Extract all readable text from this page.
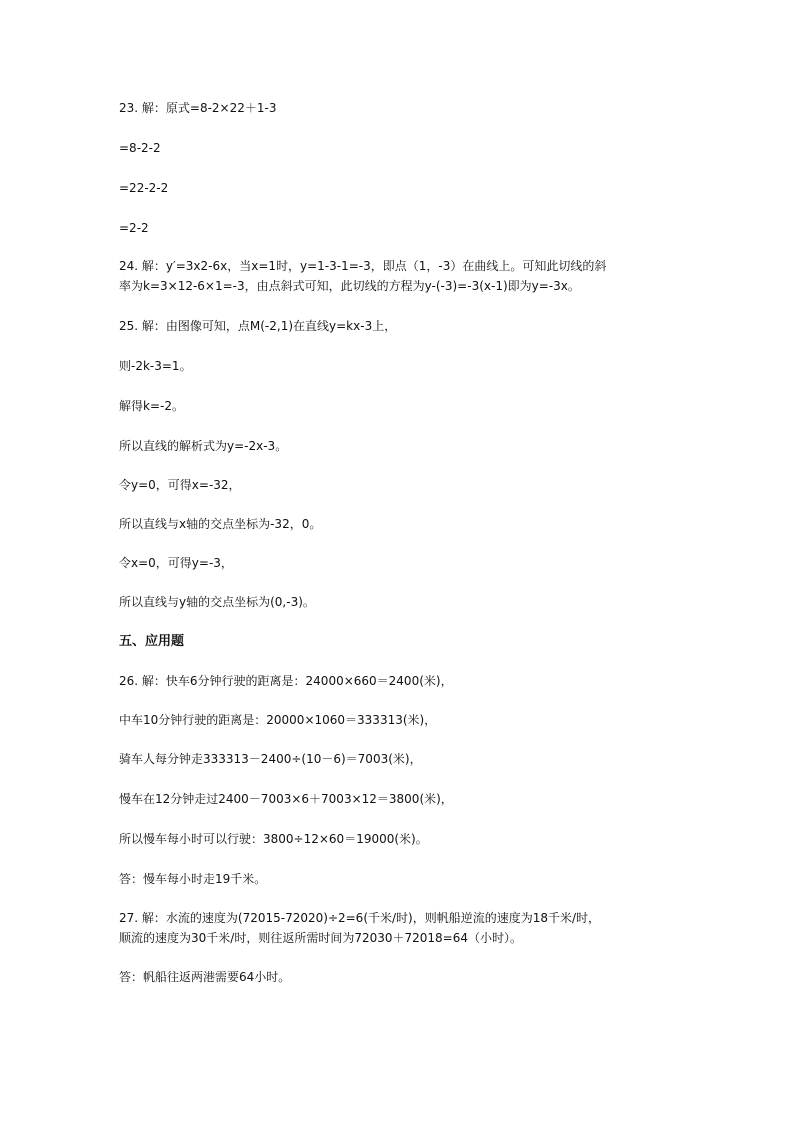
23. 解：原式=8-2×22＋1-3
=8-2-2
=22-2-2
=2-2
24. 解：y′=3x2-6x，当x=1时，y=1-3-1=-3，即点（1，-3）在曲线上。可知此切线的斜
率为k=3×12-6×1=-3，由点斜式可知，此切线的方程为y-(-3)=-3(x-1)即为y=-3x。
25. 解：由图像可知，点M(-2,1)在直线y=kx-3上，
则-2k-3=1。
解得k=-2。
所以直线的解析式为y=-2x-3。
令y=0，可得x=-32，
所以直线与x轴的交点坐标为-32，0。
令x=0，可得y=-3，
所以直线与y轴的交点坐标为(0,-3)。
五、应用题
26. 解：快车6分钟行驶的距离是：24000×660＝2400(米)，
中车10分钟行驶的距离是：20000×1060＝333313(米)，
骑车人每分钟走333313－2400÷(10－6)＝7003(米)，
慢车在12分钟走过2400－7003×6＋7003×12＝3800(米)，
所以慢车每小时可以行驶：3800÷12×60＝19000(米)。
答：慢车每小时走19千米。
27. 解：水流的速度为(72015-72020)÷2=6(千米/时)，则帆船逆流的速度为18千米/时，
顺流的速度为30千米/时，则往返所需时间为72030＋72018=64（小时）。
答：帆船往返两港需要64小时。
